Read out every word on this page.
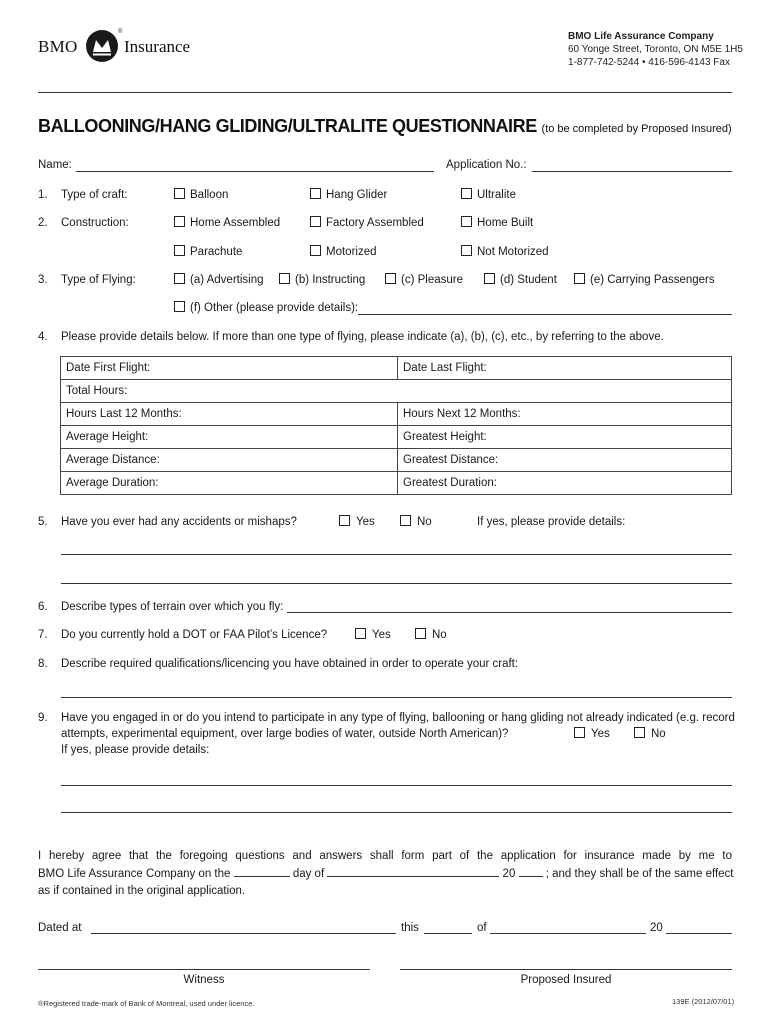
BMO
®
Insurance
BMO Life Assurance Company
60 Yonge Street, Toronto, ON M5E 1H5
1-877-742-5244 • 416-596-4143 Fax
BALLOONING/HANG GLIDING/ULTRALITE QUESTIONNAIRE (to be completed by Proposed Insured)
Name:	Application No.:
1. Type of craft:	Balloon	Hang Glider	Ultralite
2. Construction:	Home Assembled	Factory Assembled	Home Built
Parachute	Motorized	Not Motorized
3. Type of Flying:	(a) Advertising	(b) Instructing	(c) Pleasure	(d) Student	(e) Carrying Passengers
(f) Other (please provide details):
4. Please provide details below. If more than one type of flying, please indicate (a), (b), (c), etc., by referring to the above.
Date First Flight:	Date Last Flight:
Total Hours:	
Hours Last 12 Months:	Hours Next 12 Months:
Average Height:	Greatest Height:
Average Distance:	Greatest Distance:
Average Duration:	Greatest Duration:
5. Have you ever had any accidents or mishaps?	Yes	No	If yes, please provide details:
6. Describe types of terrain over which you fly:
7. Do you currently hold a DOT or FAA Pilot’s Licence?	Yes	No
8. Describe required qualifications/licencing you have obtained in order to operate your craft:
9. Have you engaged in or do you intend to participate in any type of flying, ballooning or hang gliding not already indicated (e.g. record
attempts, experimental equipment, over large bodies of water, outside North American)?	Yes	No
If yes, please provide details:
I hereby agree that the foregoing questions and answers shall form part of the application for insurance made by me to
BMO Life Assurance Company on the	day of	20	; and they shall be of the same effect
as if contained in the original application.
Dated at	this	of	20
Witness	Proposed Insured
®Registered trade-mark of Bank of Montreal, used under licence.	139E (2012/07/01)
